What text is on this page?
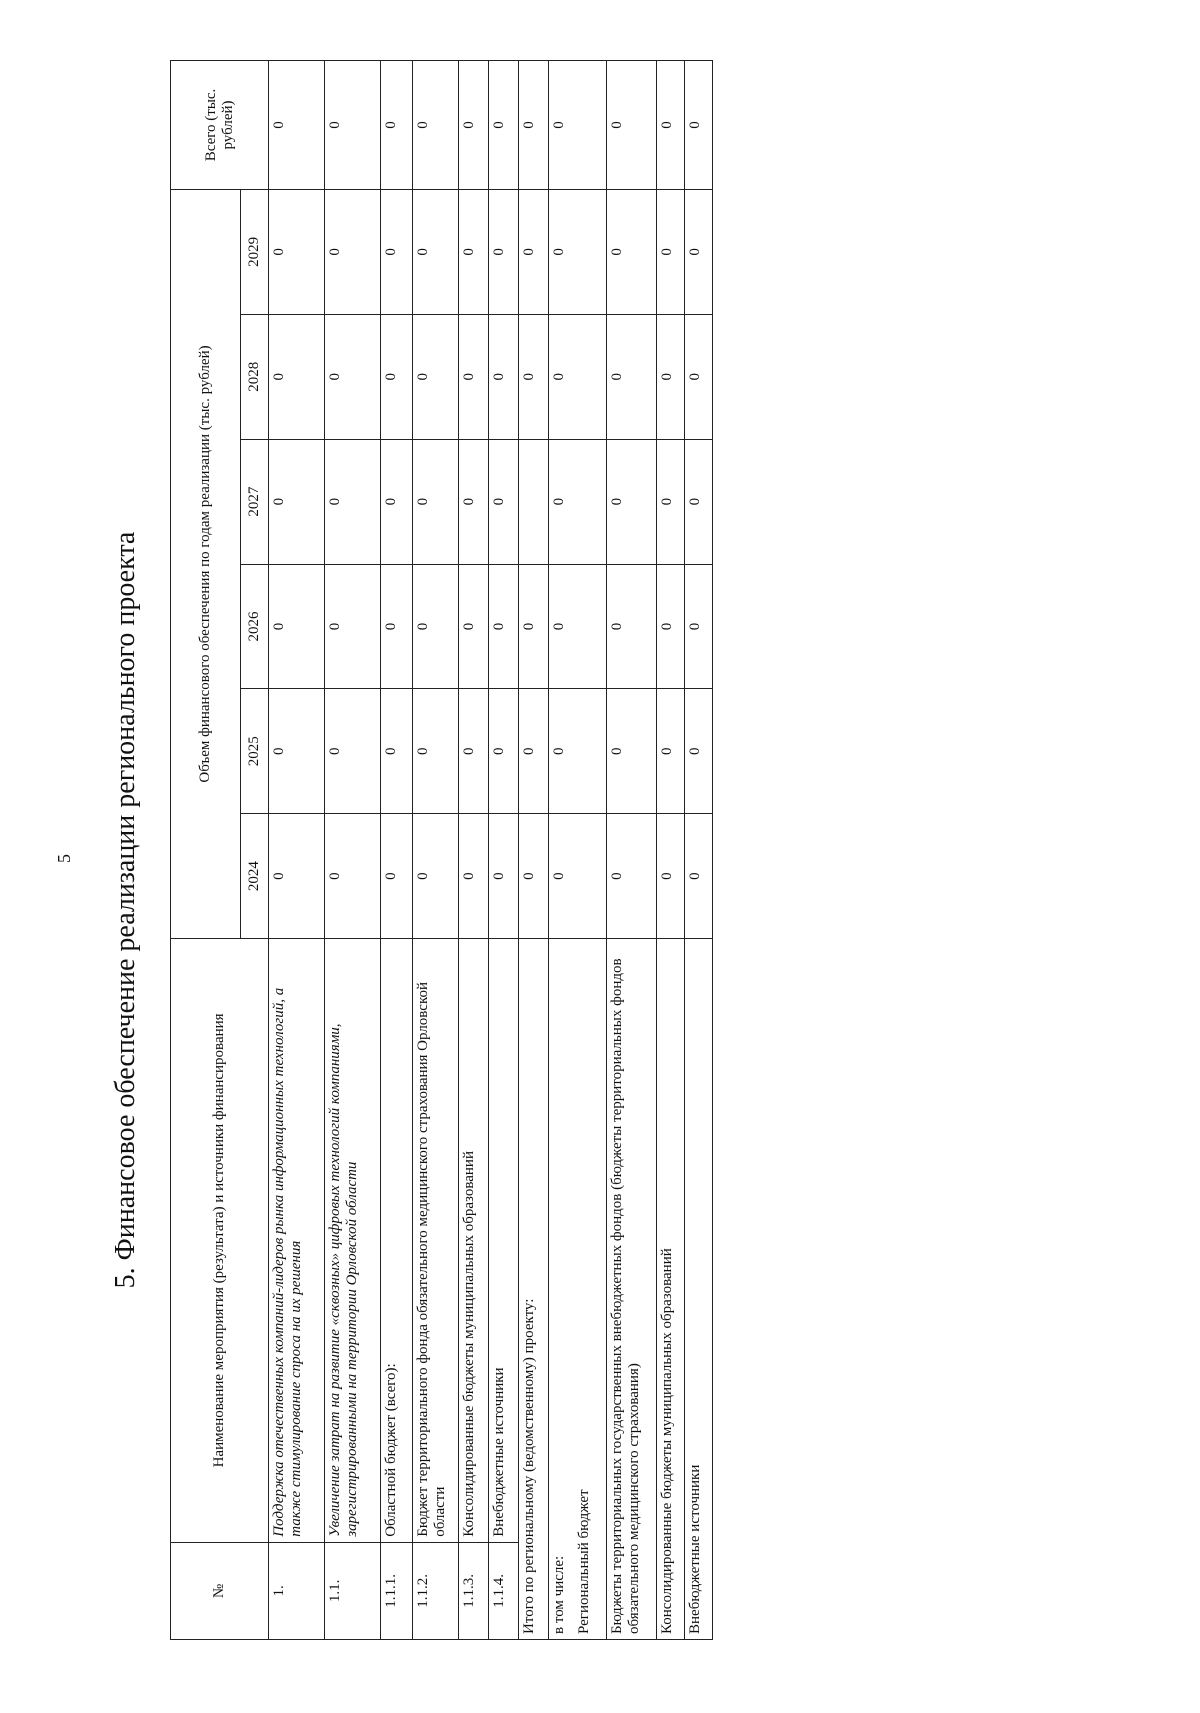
5 5. Финансовое обеспечение реализации регионального проекта
№	Наименование мероприятия (результата) и источники финансирования	Объем финансового обеспечения по годам реализации (тыс. рублей)						Всего (тыс. рублей)
		2024	2025	2026	2027	2028	2029	
1.	Поддержка отечественных компаний-лидеров рынка информационных технологий, а также стимулирование спроса на их решения	0	0	0	0	0	0	0
1.1.	Увеличение затрат на развитие «сквозных» цифровых технологий компаниями, зарегистрированными на территории Орловской области	0	0	0	0	0	0	0
1.1.1.	Областной бюджет (всего):	0	0	0	0	0	0	0
1.1.2.	Бюджет территориального фонда обязательного медицинского страхования Орловской области	0	0	0	0	0	0	0
1.1.3.	Консолидированные бюджеты муниципальных образований	0	0	0	0	0	0	0
1.1.4.	Внебюджетные источники	0	0	0	0	0	0	0
Итого по региональному (ведомственному) проекту:		0	0	0		0	0	0

в том числе: Региональный бюджет		0	0	0	0	0	0	0
Бюджеты территориальных государственных внебюджетных фондов (бюджеты территориальных фондов обязательного медицинского страхования)		0	0	0	0	0	0	0
Консолидированные бюджеты муниципальных образований		0	0	0	0	0	0	0
Внебюджетные источники		0	0	0	0	0	0	0
